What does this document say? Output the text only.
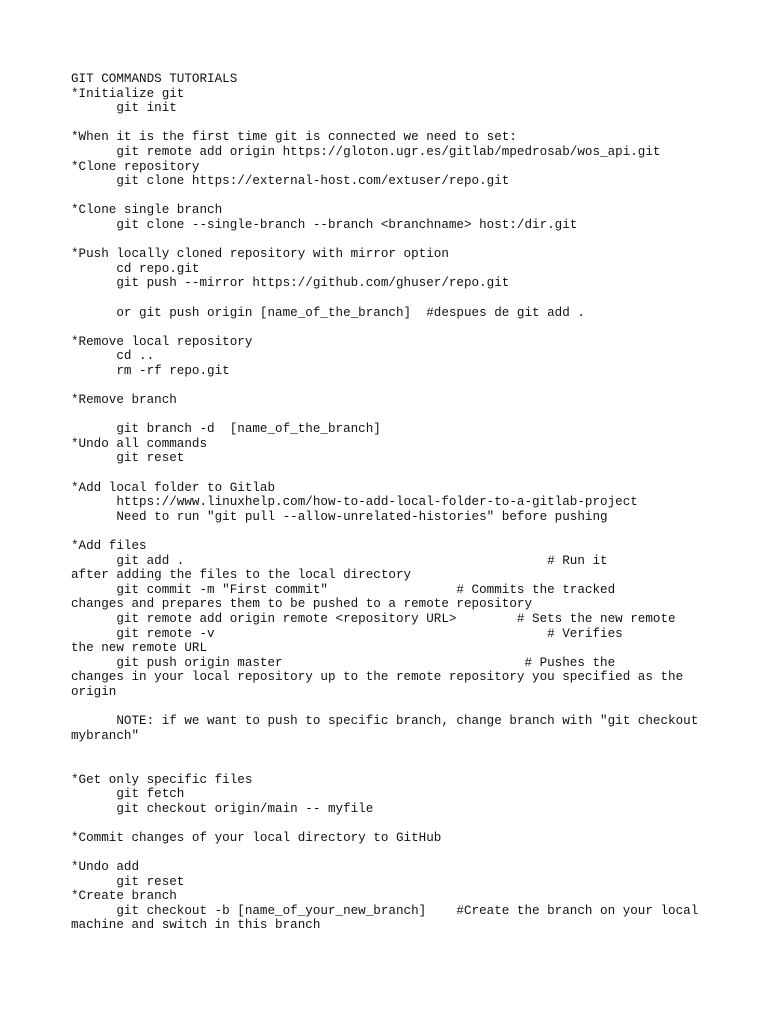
GIT COMMANDS TUTORIALS
*Initialize git
git init
*When it is the first time git is connected we need to set:
git remote add origin https://gloton.ugr.es/gitlab/mpedrosab/wos_api.git
*Clone repository
git clone https://external-host.com/extuser/repo.git
*Clone single branch
git clone --single-branch --branch <branchname> host:/dir.git
*Push locally cloned repository with mirror option
cd repo.git
git push --mirror https://github.com/ghuser/repo.git
or git push origin [name_of_the_branch]  #despues de git add .
*Remove local repository
cd ..
rm -rf repo.git
*Remove branch
git branch -d  [name_of_the_branch]
*Undo all commands
git reset
*Add local folder to Gitlab
https://www.linuxhelp.com/how-to-add-local-folder-to-a-gitlab-project
Need to run "git pull --allow-unrelated-histories" before pushing
*Add files
git add .                                                # Run it
after adding the files to the local directory
git commit -m "First commit"                 # Commits the tracked
changes and prepares them to be pushed to a remote repository
git remote add origin remote <repository URL>        # Sets the new remote
git remote -v                                            # Verifies
the new remote URL
git push origin master                                # Pushes the
changes in your local repository up to the remote repository you specified as the
origin
NOTE: if we want to push to specific branch, change branch with "git checkout
mybranch"
*Get only specific files
git fetch
git checkout origin/main -- myfile
*Commit changes of your local directory to GitHub
*Undo add
git reset
*Create branch
git checkout -b [name_of_your_new_branch]    #Create the branch on your local
machine and switch in this branch
